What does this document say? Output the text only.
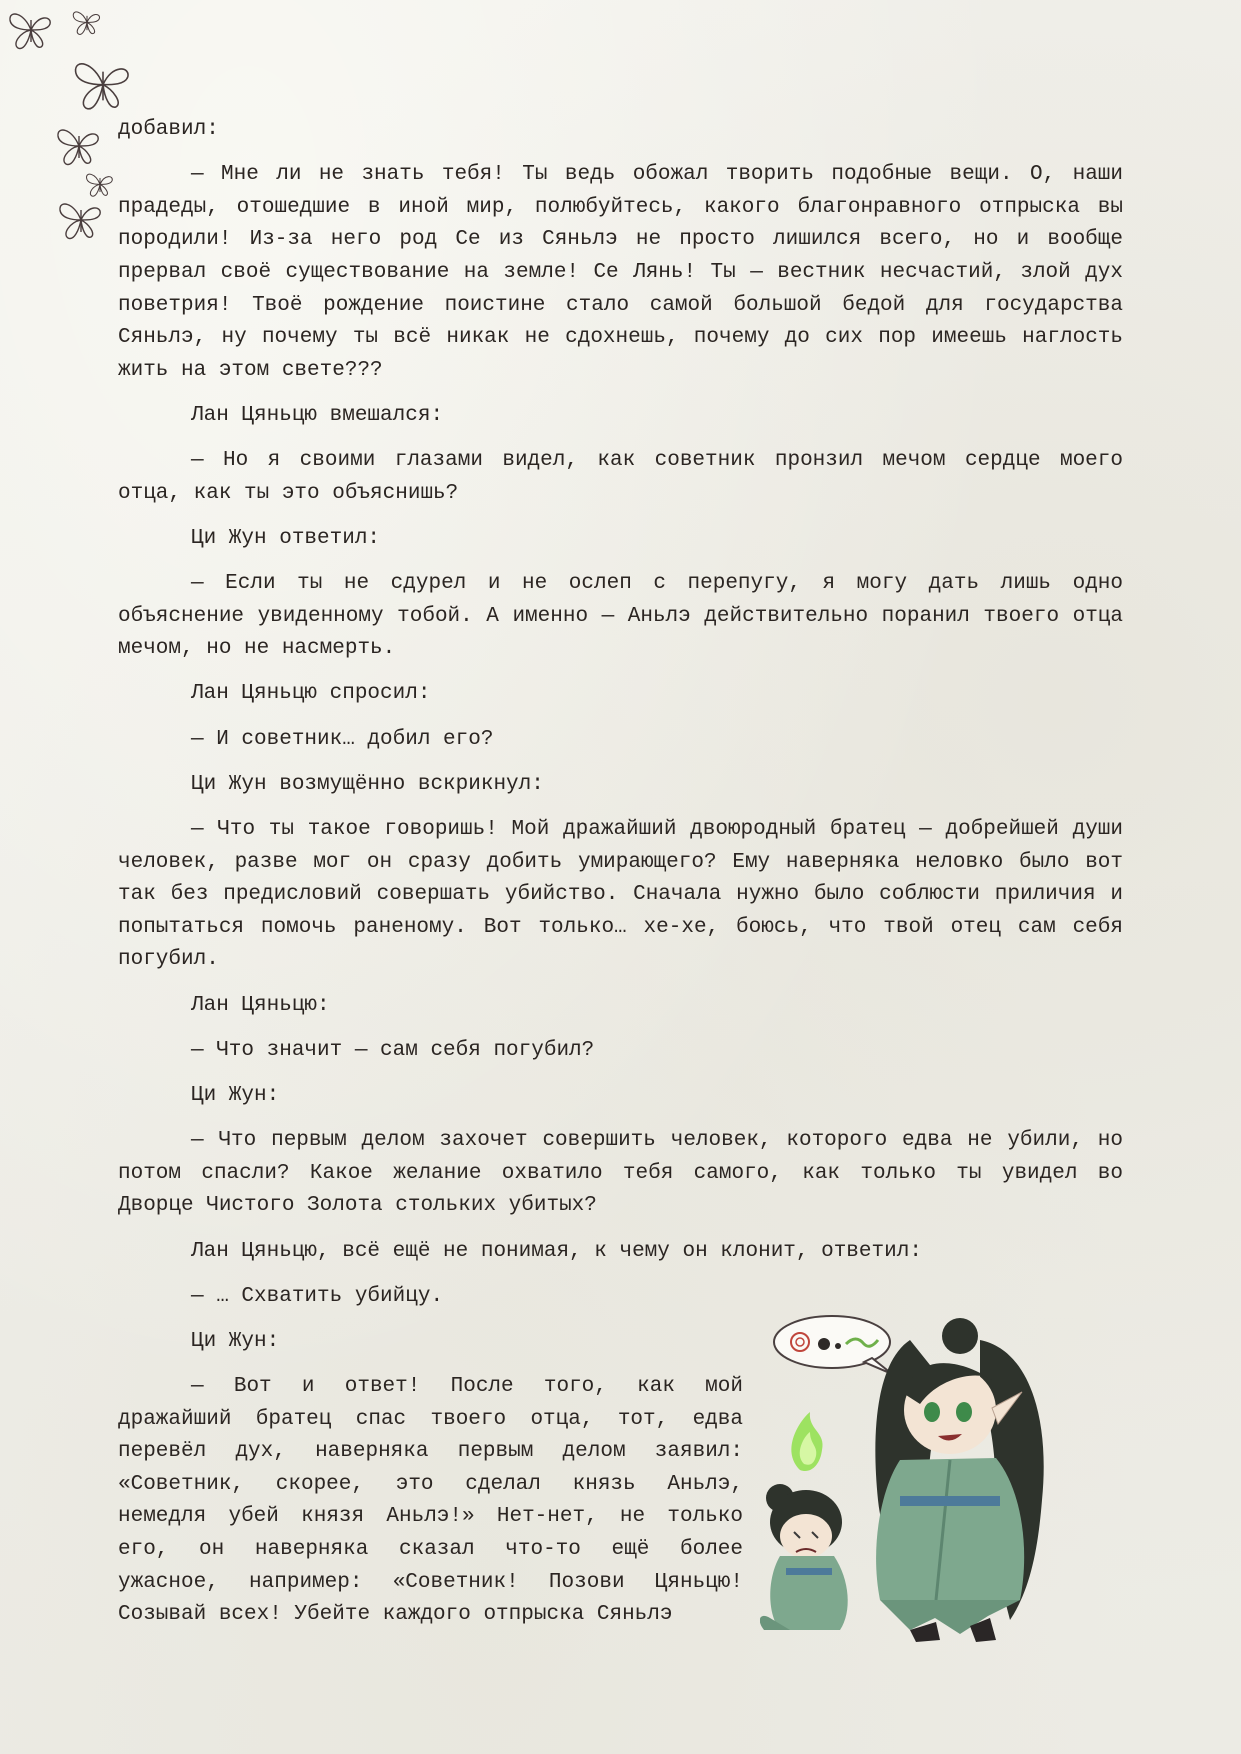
добавил:

— Мне ли не знать тебя! Ты ведь обожал творить подобные вещи. О, наши прадеды, отошедшие в иной мир, полюбуйтесь, какого благонравного отпрыска вы породили! Из-за него род Се из Сяньлэ не просто лишился всего, но и вообще прервал своё существование на земле! Се Лянь! Ты — вестник несчастий, злой дух поветрия! Твоё рождение поистине стало самой большой бедой для государства Сяньлэ, ну почему ты всё никак не сдохнешь, почему до сих пор имеешь наглость жить на этом свете???

Лан Цяньцю вмешался:

— Но я своими глазами видел, как советник пронзил мечом сердце моего отца, как ты это объяснишь?

Ци Жун ответил:

— Если ты не сдурел и не ослеп с перепугу, я могу дать лишь одно объяснение увиденному тобой. А именно — Аньлэ действительно поранил твоего отца мечом, но не насмерть.

Лан Цяньцю спросил:

— И советник… добил его?

Ци Жун возмущённо вскрикнул:

— Что ты такое говоришь! Мой дражайший двоюродный братец — добрейшей души человек, разве мог он сразу добить умирающего? Ему наверняка неловко было вот так без предисловий совершать убийство. Сначала нужно было соблюсти приличия и попытаться помочь раненому. Вот только… хе-хе, боюсь, что твой отец сам себя погубил.

Лан Цяньцю:

— Что значит — сам себя погубил?

Ци Жун:

— Что первым делом захочет совершить человек, которого едва не убили, но потом спасли? Какое желание охватило тебя самого, как только ты увидел во Дворце Чистого Золота стольких убитых?

Лан Цяньцю, всё ещё не понимая, к чему он клонит, ответил:

— … Схватить убийцу.

Ци Жун:

— Вот и ответ! После того, как мой дражайший братец спас твоего отца, тот, едва перевёл дух, наверняка первым делом заявил: «Советник, скорее, это сделал князь Аньлэ, немедля убей князя Аньлэ!» Нет-нет, не только его, он наверняка сказал что-то ещё более ужасное, например: «Советник! Позови Цяньцю! Созывай всех! Убейте каждого отпрыска Сяньлэ
